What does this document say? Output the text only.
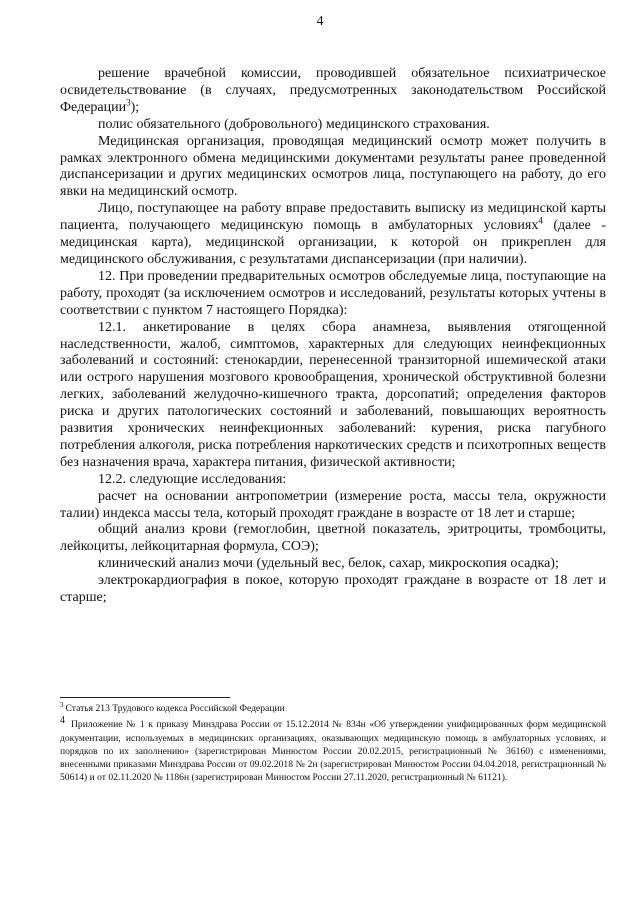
4

решение врачебной комиссии, проводившей обязательное психиатрическое освидетельствование (в случаях, предусмотренных законодательством Российской Федерации$^3$);

полис обязательного (добровольного) медицинского страхования.

Медицинская организация, проводящая медицинский осмотр может получить в рамках электронного обмена медицинскими документами результаты ранее проведенной диспансеризации и других медицинских осмотров лица, поступающего на работу, до его явки на медицинский осмотр.

Лицо, поступающее на работу вправе предоставить выписку из медицинской карты пациента, получающего медицинскую помощь в амбулаторных условиях$^4$ (далее - медицинская карта), медицинской организации, к которой он прикреплен для медицинского обслуживания, с результатами диспансеризации (при наличии).

12. При проведении предварительных осмотров обследуемые лица, поступающие на работу, проходят (за исключением осмотров и исследований, результаты которых учтены в соответствии с пунктом 7 настоящего Порядка):

12.1. анкетирование в целях сбора анамнеза, выявления отягощенной наследственности, жалоб, симптомов, характерных для следующих неинфекционных заболеваний и состояний: стенокардии, перенесенной транзиторной ишемической атаки или острого нарушения мозгового кровообращения, хронической обструктивной болезни легких, заболеваний желудочно-кишечного тракта, дорсопатий; определения факторов риска и других патологических состояний и заболеваний, повышающих вероятность развития хронических неинфекционных заболеваний: курения, риска пагубного потребления алкоголя, риска потребления наркотических средств и психотропных веществ без назначения врача, характера питания, физической активности;

12.2. следующие исследования:

расчет на основании антропометрии (измерение роста, массы тела, окружности талии) индекса массы тела, который проходят граждане в возрасте от 18 лет и старше;

общий анализ крови (гемоглобин, цветной показатель, эритроциты, тромбоциты, лейкоциты, лейкоцитарная формула, СОЭ);

клинический анализ мочи (удельный вес, белок, сахар, микроскопия осадка);

электрокардиография в покое, которую проходят граждане в возрасте от 18 лет и старше;

$^3$ Статья 213 Трудового кодекса Российской Федерации

4 Приложение № 1 к приказу Минздрава России от 15.12.2014 № 834н «Об утверждении унифицированных форм медицинской документации, используемых в медицинских организациях, оказывающих медицинскую помощь в амбулаторных условиях, и порядков по их заполнению» (зарегистрирован Минюстом России 20.02.2015, регистрационный № 36160) с изменениями, внесенными приказами Минздрава России от 09.02.2018 № 2н (зарегистрирован Минюстом России 04.04.2018, регистрационный № 50614) и от 02.11.2020 № 1186н (зарегистрирован Минюстом России 27.11.2020, регистрационный № 61121).
